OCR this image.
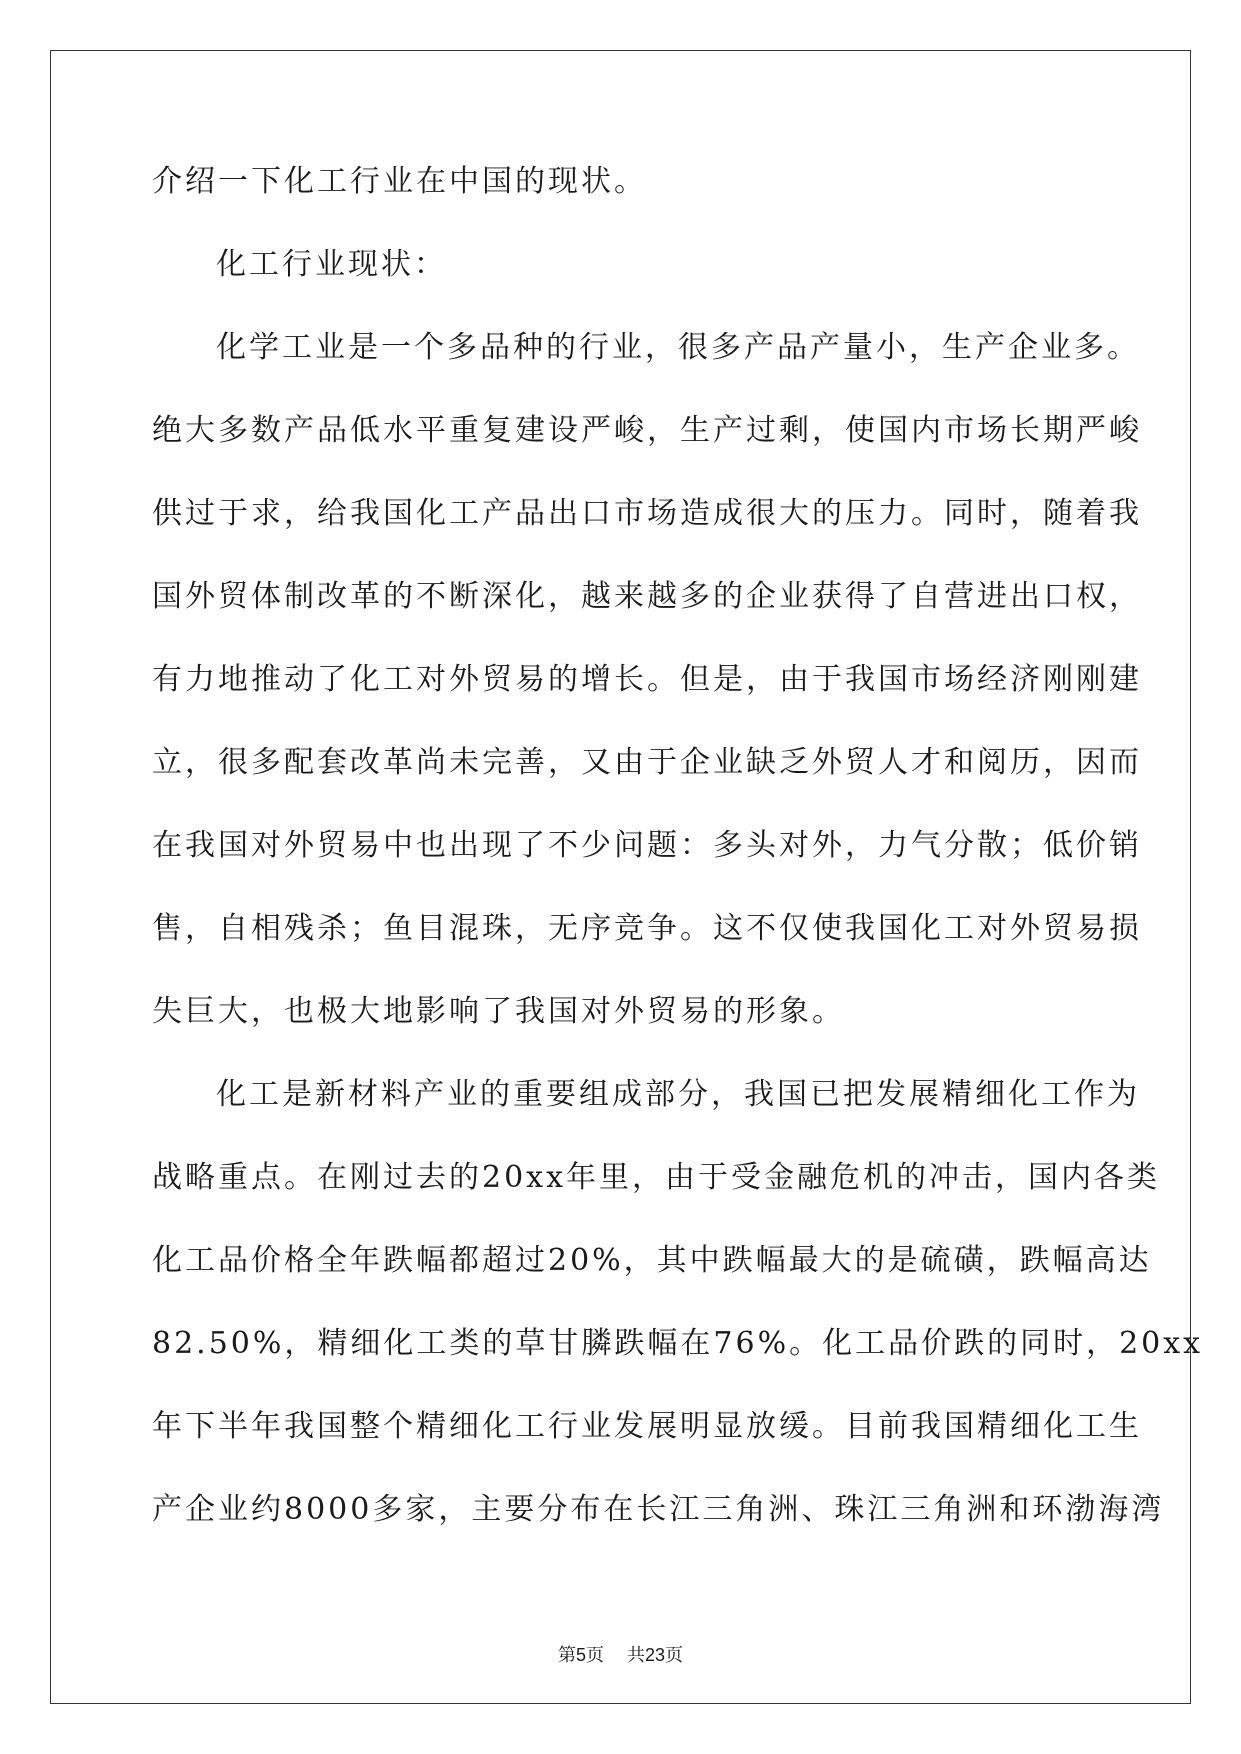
介绍一下化工行业在中国的现状。
化工行业现状：
化学工业是一个多品种的行业，很多产品产量小，生产企业多。
绝大多数产品低水平重复建设严峻，生产过剩，使国内市场长期严峻
供过于求，给我国化工产品出口市场造成很大的压力。同时，随着我
国外贸体制改革的不断深化，越来越多的企业获得了自营进出口权，
有力地推动了化工对外贸易的增长。但是，由于我国市场经济刚刚建
立，很多配套改革尚未完善，又由于企业缺乏外贸人才和阅历，因而
在我国对外贸易中也出现了不少问题：多头对外，力气分散；低价销
售，自相残杀；鱼目混珠，无序竞争。这不仅使我国化工对外贸易损
失巨大，也极大地影响了我国对外贸易的形象。
化工是新材料产业的重要组成部分，我国已把发展精细化工作为
战略重点。在刚过去的20xx年里，由于受金融危机的冲击，国内各类
化工品价格全年跌幅都超过20%，其中跌幅最大的是硫磺，跌幅高达
82.50%，精细化工类的草甘膦跌幅在76%。化工品价跌的同时，20xx
年下半年我国整个精细化工行业发展明显放缓。目前我国精细化工生
产企业约8000多家，主要分布在长江三角洲、珠江三角洲和环渤海湾
第5页 共23页
